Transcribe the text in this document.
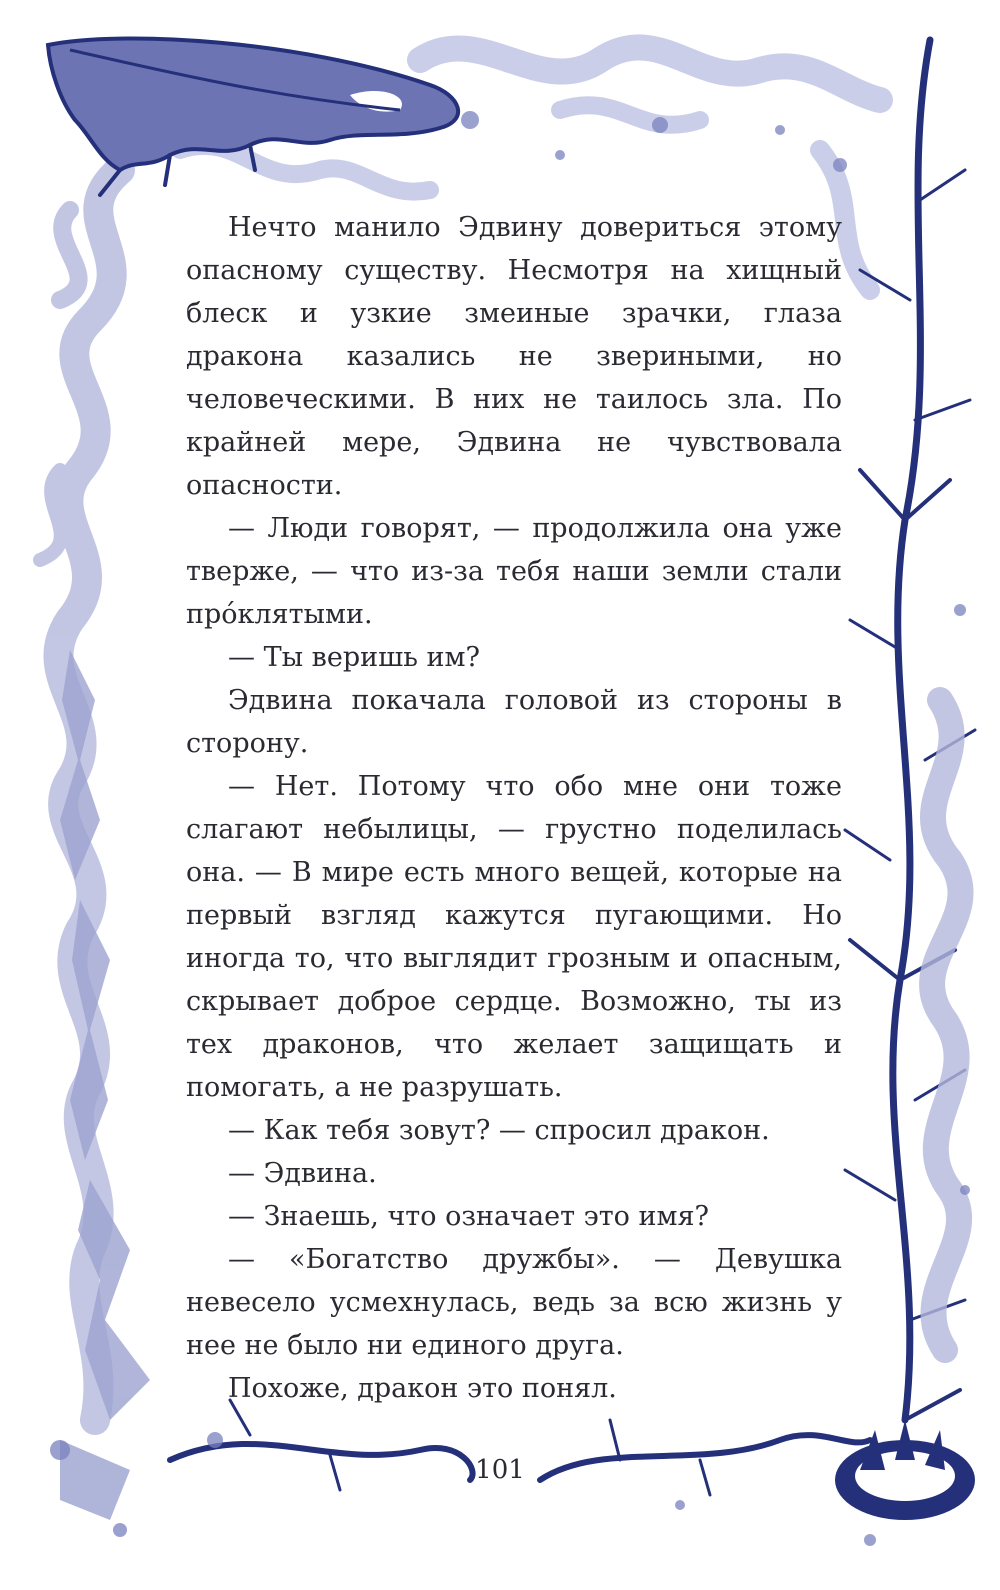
Нечто манило Эдвину довериться этому опасному существу. Несмотря на хищный блеск и узкие змеиные зрачки, глаза дракона казались не звериными, но человеческими. В них не таилось зла. По крайней мере, Эдвина не чувствовала опасности.

— Люди говорят, — продолжила она уже тверже, — что из-за тебя наши земли стали про́клятыми.

— Ты веришь им?

Эдвина покачала головой из стороны в сторону.

— Нет. Потому что обо мне они тоже слагают небылицы, — грустно поделилась она. — В мире есть много вещей, которые на первый взгляд кажутся пугающими. Но иногда то, что выглядит грозным и опасным, скрывает доброе сердце. Возможно, ты из тех драконов, что желает защищать и помогать, а не разрушать.

— Как тебя зовут? — спросил дракон.

— Эдвина.

— Знаешь, что означает это имя?

— «Богатство дружбы». — Девушка невесело усмехнулась, ведь за всю жизнь у нее не было ни единого друга.

Похоже, дракон это понял.

101
